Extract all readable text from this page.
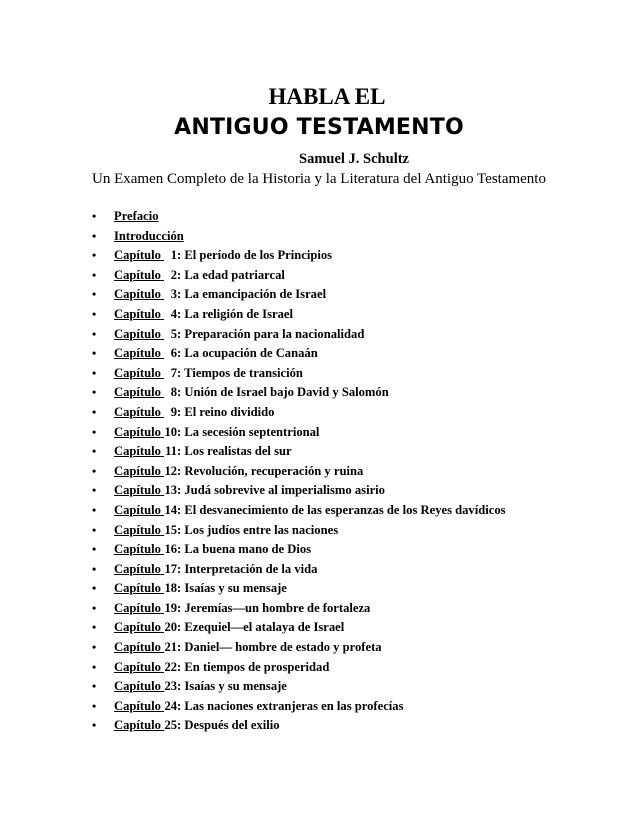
HABLA EL
ANTIGUO TESTAMENTO
Samuel J. Schultz
Un Examen Completo de la Historia y la Literatura del Antiguo Testamento
• Prefacio
• Introducción
• Capítulo 1: El período de los Principios
• Capítulo 2: La edad patriarcal
• Capítulo 3: La emancipación de Israel
• Capítulo 4: La religión de Israel
• Capítulo 5: Preparación para la nacionalidad
• Capítulo 6: La ocupación de Canaán
• Capítulo 7: Tiempos de transición
• Capítulo 8: Unión de Israel bajo David y Salomón
• Capítulo 9: El reino dividido
• Capítulo 10: La secesión septentrional
• Capítulo 11: Los realistas del sur
• Capítulo 12: Revolución, recuperación y ruina
• Capítulo 13: Judá sobrevive al imperialismo asirio
• Capítulo 14: El desvanecimiento de las esperanzas de los Reyes davídicos
• Capítulo 15: Los judíos entre las naciones
• Capítulo 16: La buena mano de Dios
• Capítulo 17: Interpretación de la vida
• Capítulo 18: Isaías y su mensaje
• Capítulo 19: Jeremías—un hombre de fortaleza
• Capítulo 20: Ezequiel—el atalaya de Israel
• Capítulo 21: Daniel— hombre de estado y profeta
• Capítulo 22: En tiempos de prosperidad
• Capítulo 23: Isaías y su mensaje
• Capítulo 24: Las naciones extranjeras en las profecías
• Capítulo 25: Después del exilio
